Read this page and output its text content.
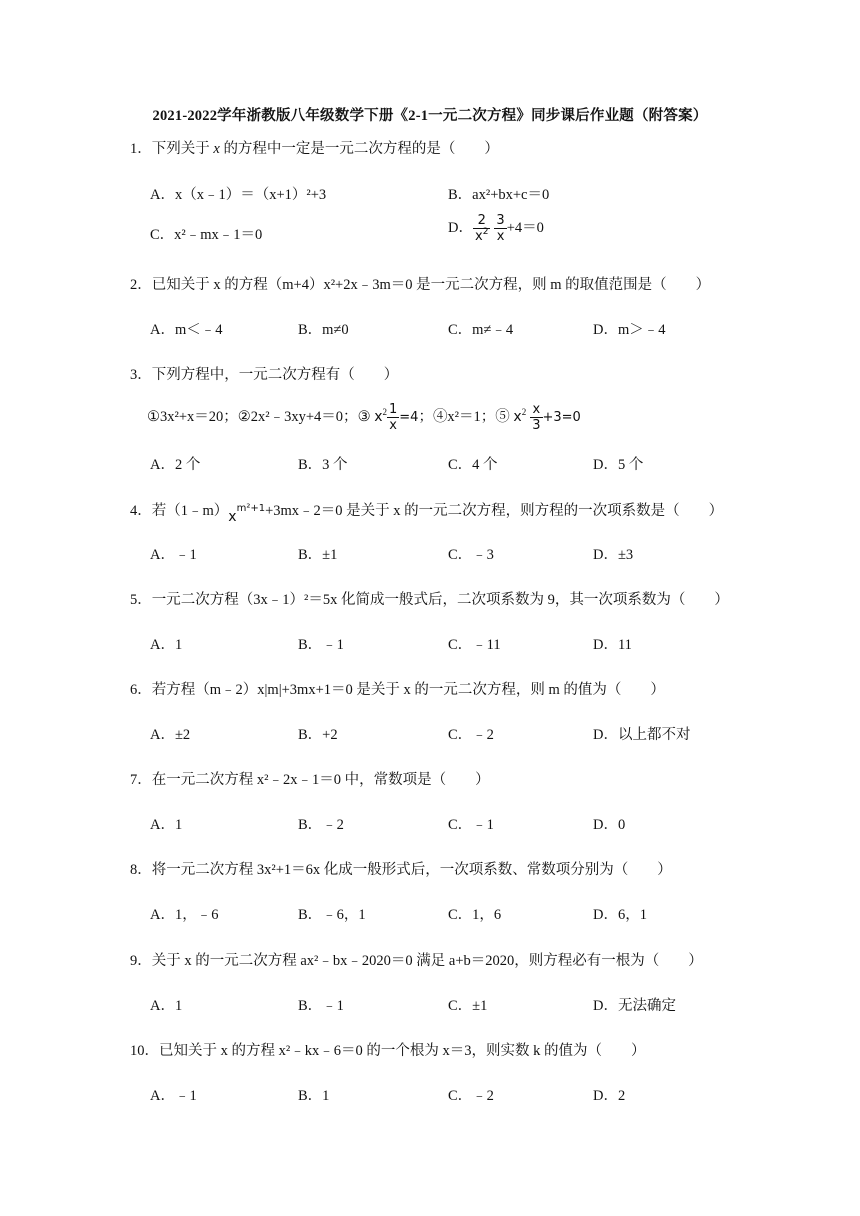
2021-2022学年浙教版八年级数学下册《2-1一元二次方程》同步课后作业题（附答案）
1．下列关于 x 的方程中一定是一元二次方程的是（　　）
A．x（x﹣1）＝（x+1）²+3	B．ax²+bx+c＝0
C．x²﹣mx﹣1＝0	D． $\frac{2}{x^2} \frac{3}{x} +4=0$
2．已知关于 x 的方程（m+4）x²+2x﹣3m＝0 是一元二次方程，则 m 的取值范围是（　　）
A．m＜﹣4	B．m≠0	C．m≠﹣4	D．m＞﹣4
3．下列方程中，一元二次方程有（　　）
①3x²+x＝20；②2x²﹣3xy+4＝0；③ $x^2 \frac{1}{x} =4$；④x²＝1；⑤ $x^2 \frac{x}{3} +3=0$
A．2 个	B．3 个	C．4 个	D．5 个
4．若$(1﹣m)x^{m^2+1}+3mx﹣2=0$ 是关于 x 的一元二次方程，则方程的一次项系数是（　　）
A．﹣1	B．±1	C．﹣3	D．±3
5．一元二次方程（3x﹣1）²＝5x 化简成一般式后，二次项系数为 9，其一次项系数为（　　）
A．1	B．﹣1	C．﹣11	D．11
6．若方程（m﹣2）x|m|+3mx+1＝0 是关于 x 的一元二次方程，则 m 的值为（　　）
A．±2	B．+2	C．﹣2	D．以上都不对
7．在一元二次方程 x²﹣2x﹣1＝0 中，常数项是（　　）
A．1	B．﹣2	C．﹣1	D．0
8．将一元二次方程 3x²+1＝6x 化成一般形式后，一次项系数、常数项分别为（　　）
A．1，﹣6	B．﹣6，1	C．1，6	D．6，1
9．关于 x 的一元二次方程 ax²﹣bx﹣2020＝0 满足 a+b＝2020，则方程必有一根为（　　）
A．1	B．﹣1	C．±1	D．无法确定
10．已知关于 x 的方程 x²﹣kx﹣6＝0 的一个根为 x＝3，则实数 k 的值为（　　）
A．﹣1	B．1	C．﹣2	D．2
